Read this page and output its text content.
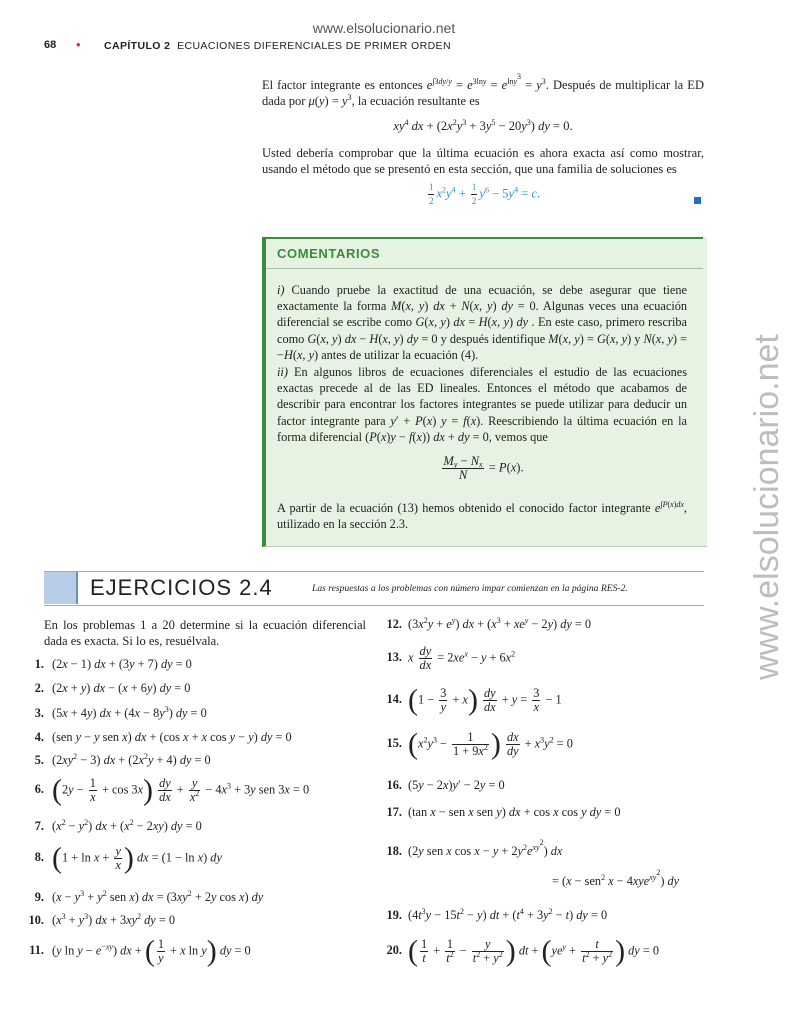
www.elsolucionario.net
68 • CAPÍTULO 2 ECUACIONES DIFERENCIALES DE PRIMER ORDEN
El factor integrante es entonces $e^{\int 3dy/y} = e^{3lny} = e^{lny^3} = y^3$. Después de multiplicar la ED dada por $\mu(y) = y^3$, la ecuación resultante es
$xy^4$ dx + $(2x^2y^3 + 3y^5 - 20y^3)$ dy = 0.
Usted debería comprobar que la última ecuación es ahora exacta así como mostrar, usando el método que se presentó en esta sección, que una familia de soluciones es
$\frac{1}{2} x^2y^4 + \frac{1}{2} y^6 - 5y^4 = c$.
COMENTARIOS
i) Cuando pruebe la exactitud de una ecuación, se debe asegurar que tiene exactamente la forma M(x, y) dx + N(x, y) dy = 0. Algunas veces una ecuación diferencial se escribe como G(x, y) dx = H(x, y) dy . En este caso, primero rescriba como G(x, y) dx − H(x, y) dy = 0 y después identifique M(x, y) = G(x, y) y N(x, y) = −H(x, y) antes de utilizar la ecuación (4).
ii) En algunos libros de ecuaciones diferenciales el estudio de las ecuaciones exactas precede al de las ED lineales. Entonces el método que acabamos de describir para encontrar los factores integrantes se puede utilizar para deducir un factor integrante para y′ + P(x) y = f(x). Reescribiendo la última ecuación en la forma diferencial (P(x)y − f(x)) dx + dy = 0, vemos que
$\frac{M_y - N_x}{N} = P(x)$.
A partir de la ecuación (13) hemos obtenido el conocido factor integrante $e^{\int P(x)dx}$, utilizado en la sección 2.3.
EJERCICIOS 2.4	Las respuestas a los problemas con número impar comienzan en la página RES-2.
En los problemas 1 a 20 determine si la ecuación diferencial dada es exacta. Si lo es, resuélvala.
1. (2x − 1) dx + (3y + 7) dy = 0
2. (2x + y) dx − (x + 6y) dy = 0
3. (5x + 4y) dx + $(4x - 8y^3)$ dy = 0
4. (sen y − y sen x) dx + (cos x + x cos y − y) dy = 0
5. $(2xy^2 - 3)$ dx + $(2x^2y + 4)$ dy = 0
6. $(2y - \frac{1}{x} + \cos 3x) \frac{dy}{dx} + \frac{y}{x^2} - 4x^3 + 3y$ sen 3x = 0
7. $(x^2 - y^2)$ dx + $(x^2 - 2xy)$ dy = 0
8. ($1 + \ln x + \frac{y}{x}$ ) dx = (1 − ln x) dy
9. ($x - y^3 + y^2$ sen x) dx = ($3xy^2 + 2y$ cos x) dy
10. $(x^3 + y^3)$ dx + $3xy^2$ dy = 0
11. (y $\ln y - e^{-xy}$) dx + ( $\frac{1}{y} + x$ ln y) dy = 0
12. $(3x^2y + e^y)$ dx + $(x^3 + xe^y - 2y)$ dy = 0
13. x $\frac{dy}{dx} = 2xe^x - y + 6x^2$
14. $(1 - \frac{3}{y} + x) \frac{dy}{dx} + y = \frac{3}{x} - 1$
15. ($x^2y^3 - \frac{1}{1 + 9x^2}$ ) $\frac{dx}{dy} + x^3y^2 = 0$
16. (5y − 2x)y′ − 2y = 0
17. (tan x − sen x sen y) dx + cos x cos y dy = 0
18. (2y sen x $\cos x - y + 2y^2e^{xy^2}$) dx
= (x − sen$^2$ x − 4xye$^{xy^2}$) dy
19. $(4t^3y - 15t^2 - y)$ dt + $(t^4 + 3y^2 - t)$ dy = 0
20. ( $\frac{1}{t} + \frac{1}{t^2} - \frac{y}{t^2 + y^2}$ ) dt + ($ye^y + \frac{t}{t^2 + y^2}$ ) dy = 0
www.elsolucionario.net
